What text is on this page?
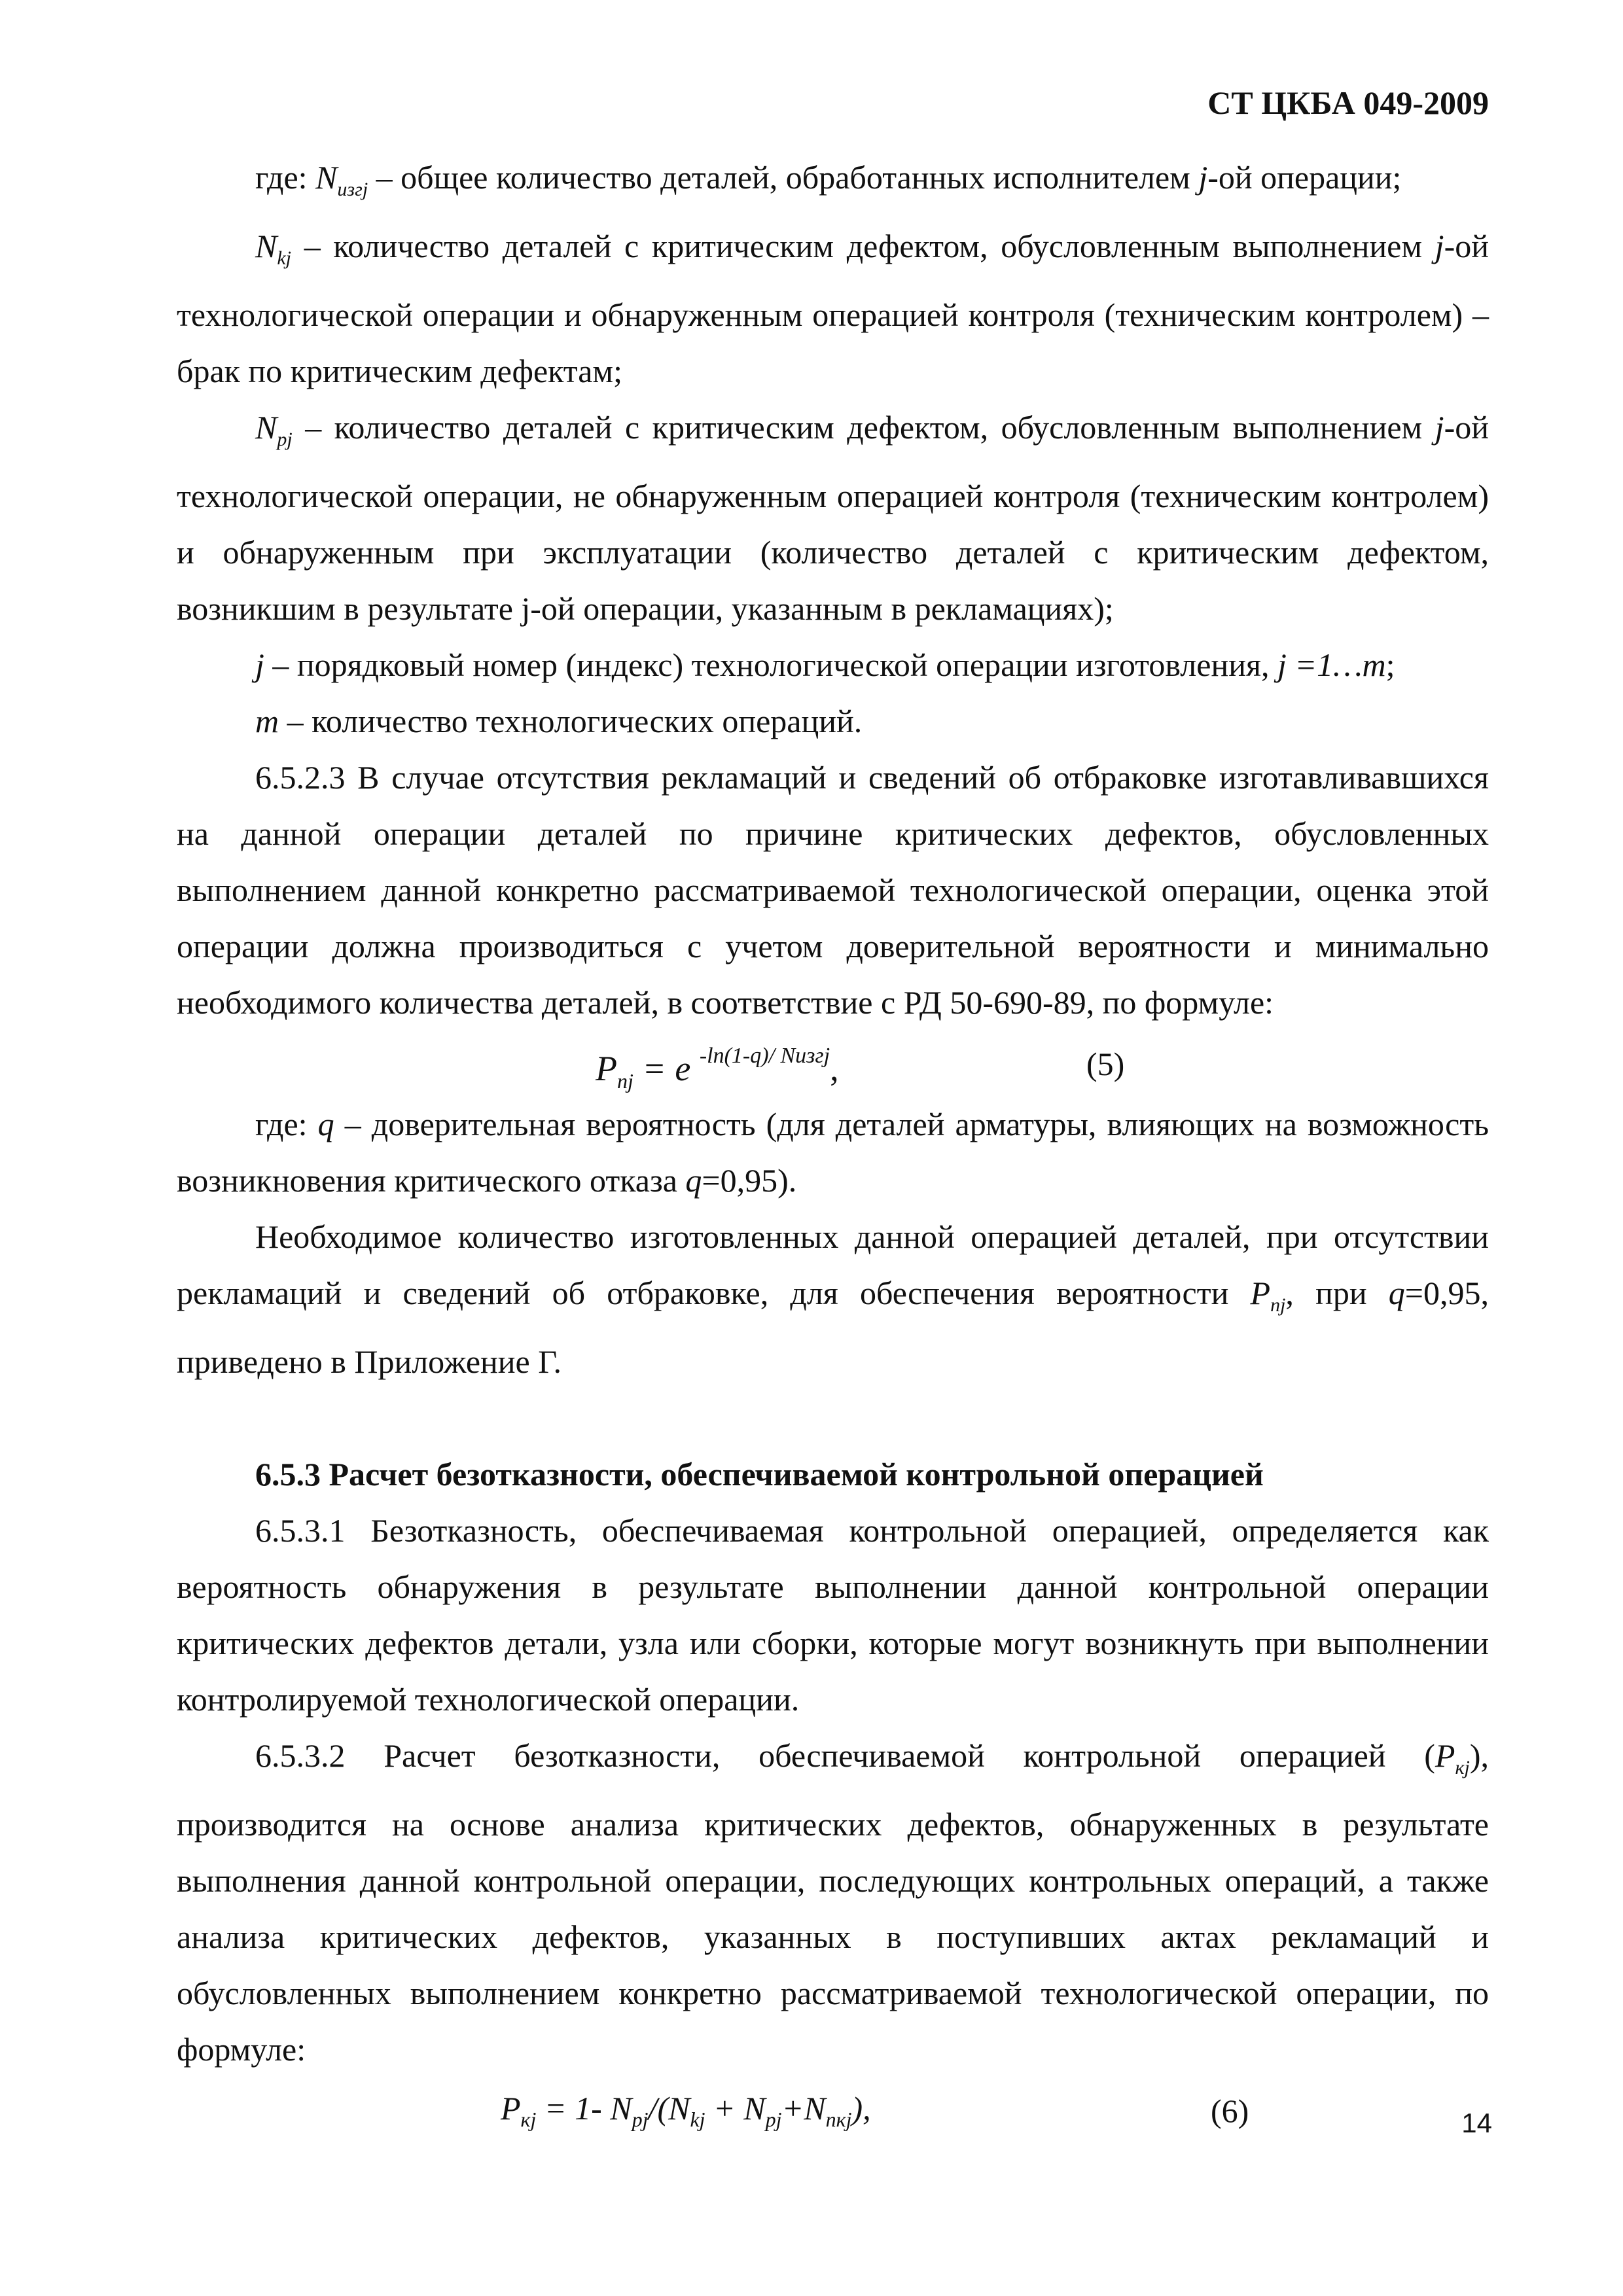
СТ ЦКБА 049-2009

где: $N_{изгj}$ – общее количество деталей, обработанных исполнителем j-ой операции;

$N_{kj}$ – количество деталей с критическим дефектом, обусловленным выполнением j-ой технологической операции и обнаруженным операцией контроля (техническим контролем) – брак по критическим дефектам;

$N_{pj}$ – количество деталей с критическим дефектом, обусловленным выполнением j-ой технологической операции, не обнаруженным операцией контроля (техническим контролем) и обнаруженным при эксплуатации (количество деталей с критическим дефектом, возникшим в результате j-ой операции, указанным в рекламациях);

j – порядковый номер (индекс) технологической операции изготовления, j =1…m;

m – количество технологических операций.

6.5.2.3 В случае отсутствия рекламаций и сведений об отбраковке изготавливавшихся на данной операции деталей по причине критических дефектов, обусловленных выполнением данной конкретно рассматриваемой технологической операции, оценка этой операции должна производиться с учетом доверительной вероятности и минимально необходимого количества деталей, в соответствие с РД 50-690-89, по формуле:

$P_{пj} = e$ $^{-ln(1-q)/ Nизгj}$,	(5)

где: q – доверительная вероятность (для деталей арматуры, влияющих на возможность возникновения критического отказа q=0,95).

Необходимое количество изготовленных данной операцией деталей, при отсутствии рекламаций и сведений об отбраковке, для обеспечения вероятности $P_{пj}$, при q=0,95, приведено в Приложение Г.

6.5.3 Расчет безотказности, обеспечиваемой контрольной операцией

6.5.3.1 Безотказность, обеспечиваемая контрольной операцией, определяется как вероятность обнаружения в результате выполнении данной контрольной операции критических дефектов детали, узла или сборки, которые могут возникнуть при выполнении контролируемой технологической операции.

6.5.3.2 Расчет безотказности, обеспечиваемой контрольной операцией $(P_{кj})$, производится на основе анализа критических дефектов, обнаруженных в результате выполнения данной контрольной операции, последующих контрольных операций, а также анализа критических дефектов, указанных в поступивших актах рекламаций и обусловленных выполнением конкретно рассматриваемой технологической операции, по формуле:

$P_{кj} = 1-$ $N_{pj}/(N_{kj} + N_{pj}+N_{пкj})$,	(6)	14
